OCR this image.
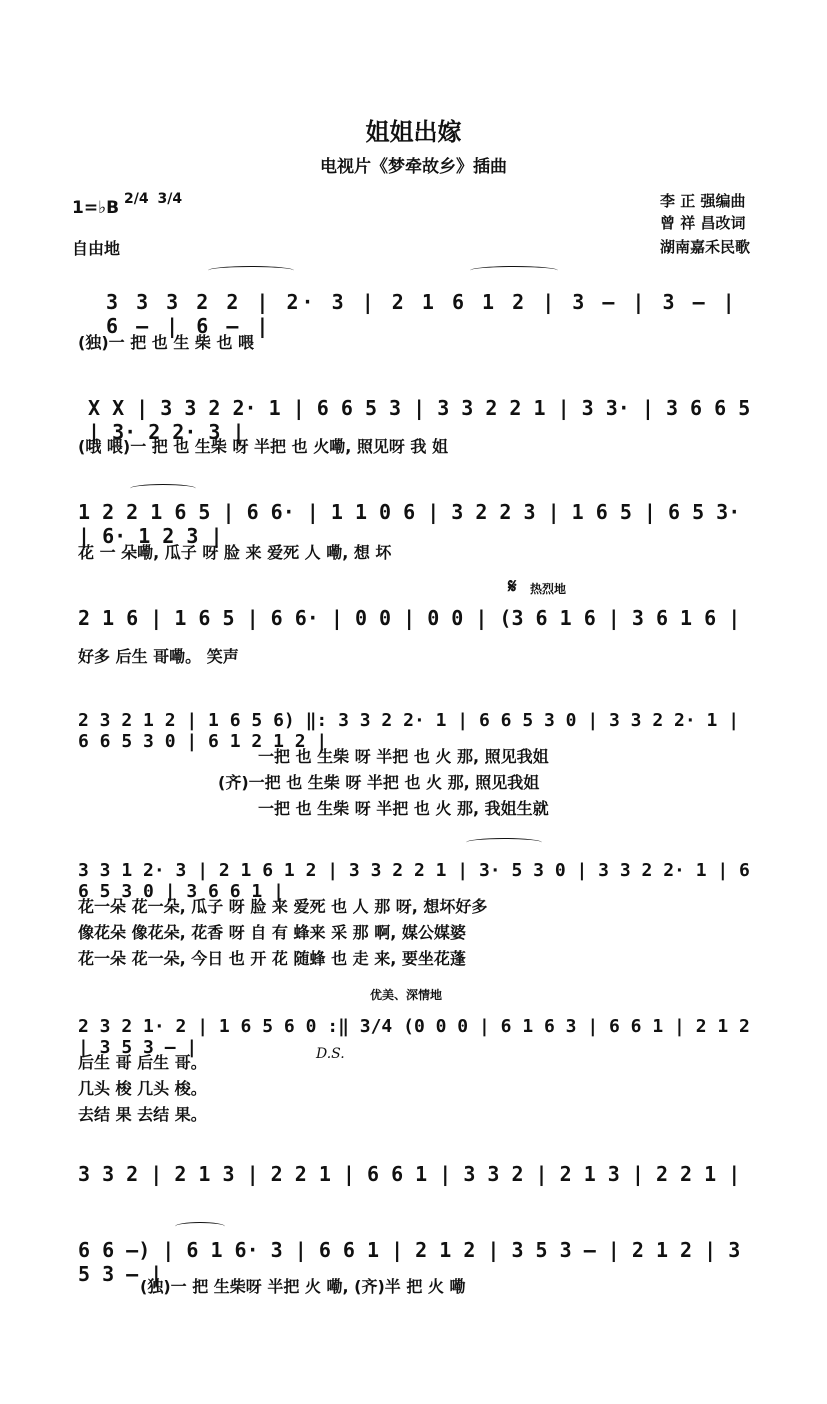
姐姐出嫁
电视片《梦牵故乡》插曲
1=♭B 2/4 3/4
自由地
李 正 强编曲
曾 祥 昌改词
湖南嘉禾民歌
3 3 3 2 2 | 2· 3 | 2 1 6 1 2 | 3 – | 3 – | 6 – | 6 – |
(独)一 把 也 生 柴 也 喂
X X | 3 3 2 2· 1 | 6 6 5 3 | 3 3 2 2 1 | 3 3· | 3 6 6 5 | 3· 2 2· 3 |
(哦 喂)一 把 也 生柴 呀 半把 也 火嘞, 照见呀 我 姐
1 2 2 1 6 5 | 6 6· | 1 1 0 6 | 3 2 2 3 | 1 6 5 | 6 5 3· | 6· 1 2 3 |
花 一 朵嘞, 瓜子 呀 脸 来 爱死 人 嘞, 想 坏
𝄋 热烈地
2 1 6 | 1 6 5 | 6 6· | 0 0 | 0 0 | (3 6 1 6 | 3 6 1 6 |
好多 后生 哥嘞。 笑声
2 3 2 1 2 | 1 6 5 6) ‖: 3 3 2 2· 1 | 6 6 5 3 0 | 3 3 2 2· 1 | 6 6 5 3 0 | 6 1 2 1 2 |
一把 也 生柴 呀 半把 也 火 那, 照见我姐
(齐)一把 也 生柴 呀 半把 也 火 那, 照见我姐
一把 也 生柴 呀 半把 也 火 那, 我姐生就
3 3 1 2· 3 | 2 1 6 1 2 | 3 3 2 2 1 | 3· 5 3 0 | 3 3 2 2· 1 | 6 6 5 3 0 | 3 6 6 1 |
花一朵 花一朵, 瓜子 呀 脸 来 爱死 也 人 那 呀, 想坏好多
像花朵 像花朵, 花香 呀 自 有 蜂来 采 那 啊, 媒公媒婆
花一朵 花一朵, 今日 也 开 花 随蜂 也 走 来, 要坐花蓬
优美、深情地
2 3 2 1· 2 | 1 6 5 6 0 :‖ 3/4 (0 0 0 | 6 1 6 3 | 6 6 1 | 2 1 2 | 3 5 3 – |	D.S.
后生 哥 后生 哥。
几头 梭 几头 梭。
去结 果 去结 果。
3 3 2 | 2 1 3 | 2 2 1 | 6 6 1 | 3 3 2 | 2 1 3 | 2 2 1 |
6 6 –) | 6 1 6· 3 | 6 6 1 | 2 1 2 | 3 5 3 – | 2 1 2 | 3 5 3 – |
(独)一 把 生柴呀 半把 火 嘞, (齐)半 把 火 嘞
